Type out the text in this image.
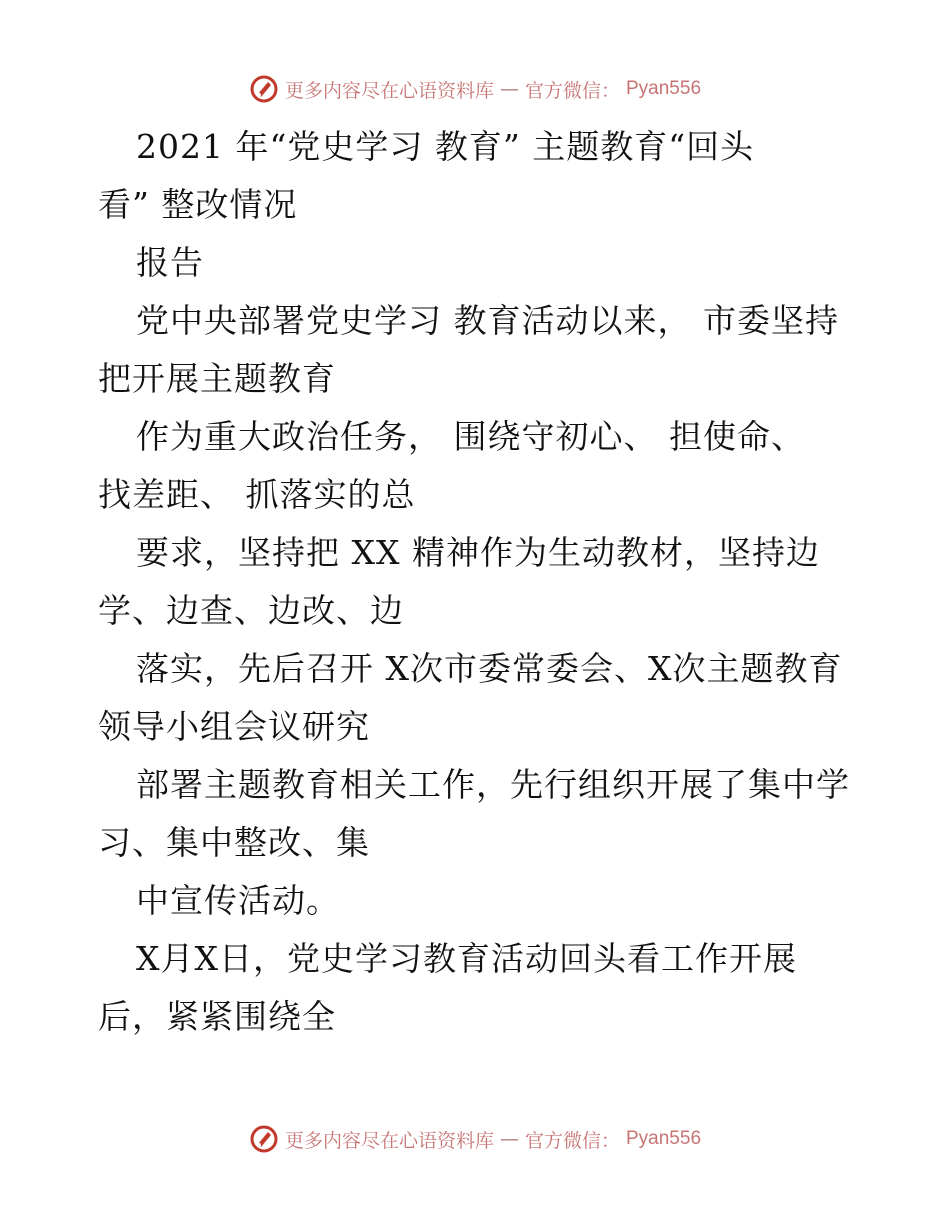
更多内容尽在心语资料库 — 官方微信： Pyan556
2021 年“党史学习 教育” 主题教育“回头
看” 整改情况
报告
党中央部署党史学习 教育活动以来， 市委坚持
把开展主题教育
作为重大政治任务， 围绕守初心、 担使命、
找差距、 抓落实的总
要求，坚持把 XX 精神作为生动教材，坚持边
学、边查、边改、边
落实，先后召开 X次市委常委会、X次主题教育
领导小组会议研究
部署主题教育相关工作，先行组织开展了集中学
习、集中整改、集
中宣传活动。
X月X日，党史学习教育活动回头看工作开展
后，紧紧围绕全
更多内容尽在心语资料库 — 官方微信： Pyan556
